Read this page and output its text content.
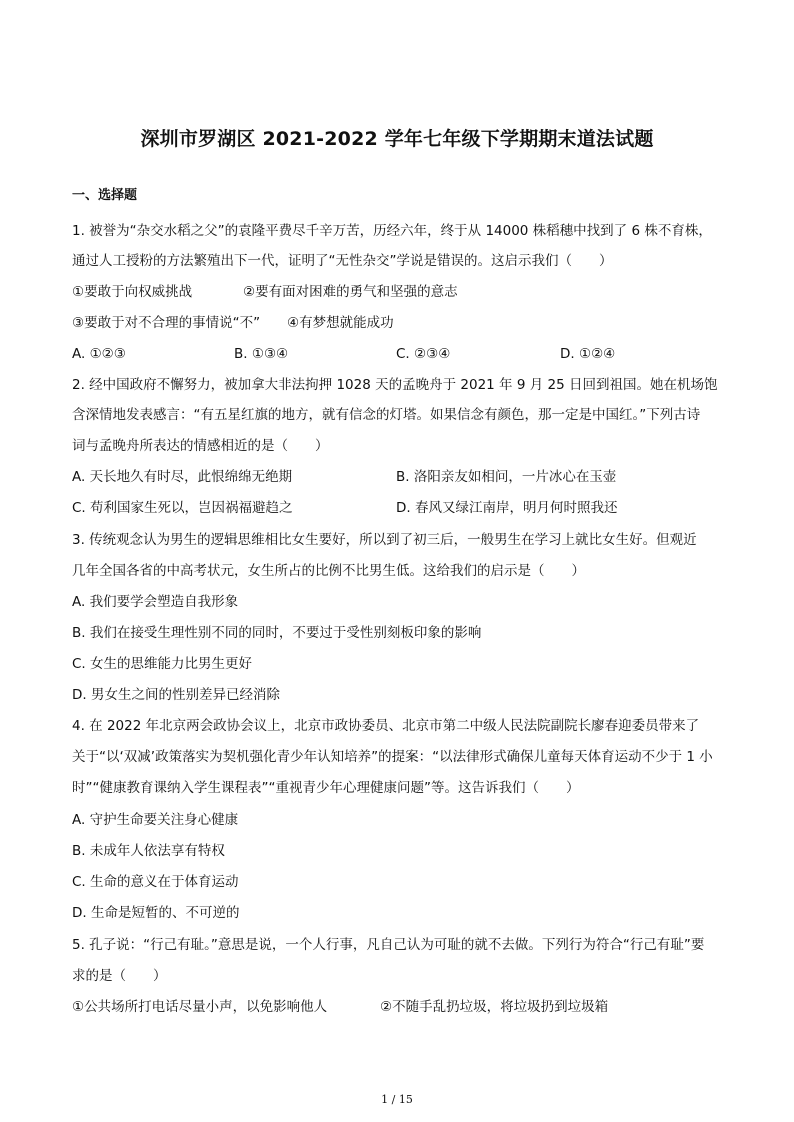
深圳市罗湖区 2021-2022 学年七年级下学期期末道法试题
一、选择题
1. 被誉为“杂交水稻之父”的袁隆平费尽千辛万苦，历经六年，终于从 14000 株稻穗中找到了 6 株不育株，
通过人工授粉的方法繁殖出下一代，证明了“无性杂交”学说是错误的。这启示我们（　　）
①要敢于向权威挑战	②要有面对困难的勇气和坚强的意志
③要敢于对不合理的事情说“不” ④有梦想就能成功
A. ①②③	B. ①③④	C. ②③④	D. ①②④
2. 经中国政府不懈努力，被加拿大非法拘押 1028 天的孟晚舟于 2021 年 9 月 25 日回到祖国。她在机场饱
含深情地发表感言：“有五星红旗的地方，就有信念的灯塔。如果信念有颜色，那一定是中国红。”下列古诗
词与孟晚舟所表达的情感相近的是（　　）
A. 天长地久有时尽，此恨绵绵无绝期	B. 洛阳亲友如相问，一片冰心在玉壶
C. 苟利国家生死以，岂因祸福避趋之	D. 春风又绿江南岸，明月何时照我还
3. 传统观念认为男生的逻辑思维相比女生要好，所以到了初三后，一般男生在学习上就比女生好。但观近
几年全国各省的中高考状元，女生所占的比例不比男生低。这给我们的启示是（　　）
A. 我们要学会塑造自我形象
B. 我们在接受生理性别不同的同时，不要过于受性别刻板印象的影响
C. 女生的思维能力比男生更好
D. 男女生之间的性别差异已经消除
4. 在 2022 年北京两会政协会议上，北京市政协委员、北京市第二中级人民法院副院长廖春迎委员带来了
关于“以‘双减’政策落实为契机强化青少年认知培养”的提案：“以法律形式确保儿童每天体育运动不少于 1 小
时”“健康教育课纳入学生课程表”“重视青少年心理健康问题”等。这告诉我们（　　）
A. 守护生命要关注身心健康
B. 未成年人依法享有特权
C. 生命的意义在于体育运动
D. 生命是短暂的、不可逆的
5. 孔子说：“行己有耻。”意思是说，一个人行事，凡自己认为可耻的就不去做。下列行为符合“行己有耻”要
求的是（　　）
①公共场所打电话尽量小声，以免影响他人	②不随手乱扔垃圾，将垃圾扔到垃圾箱
1 / 15
